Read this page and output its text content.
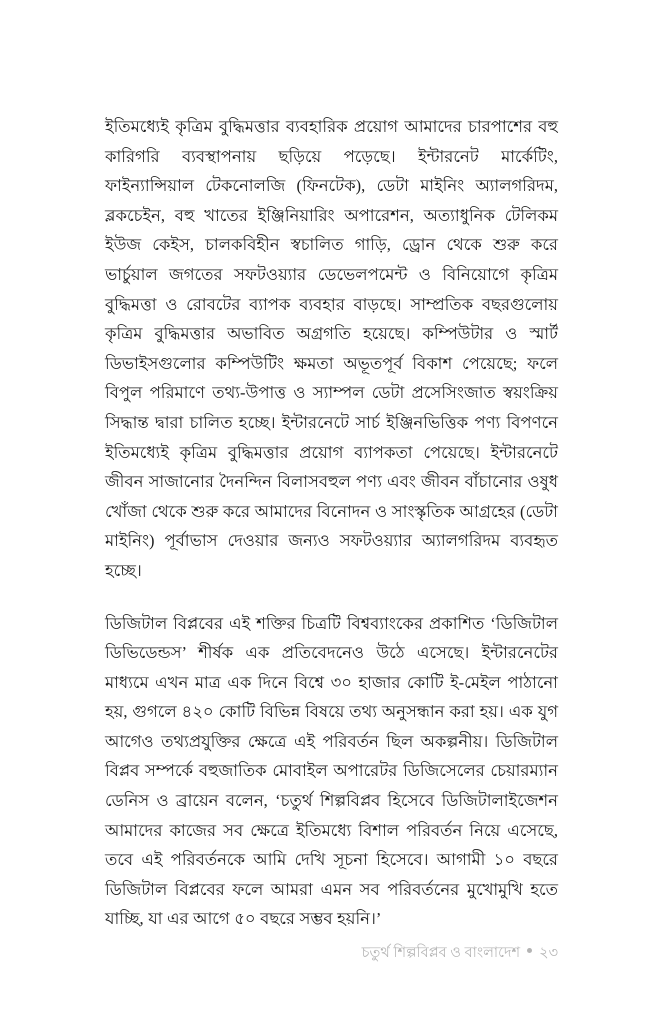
ইতিমধ্যেই কৃত্রিম বুদ্ধিমত্তার ব্যবহারিক প্রয়োগ আমাদের চারপাশের বহু কারিগরি ব্যবস্থাপনায় ছড়িয়ে পড়েছে। ইন্টারনেট মার্কেটিং, ফাইন্যান্সিয়াল টেকনোলজি (ফিনটেক), ডেটা মাইনিং অ্যালগরিদম, ব্লকচেইন, বহু খাতের ইঞ্জিনিয়ারিং অপারেশন, অত্যাধুনিক টেলিকম ইউজ কেইস, চালকবিহীন স্বচালিত গাড়ি, ড্রোন থেকে শুরু করে ভার্চুয়াল জগতের সফটওয়্যার ডেভেলপমেন্ট ও বিনিয়োগে কৃত্রিম বুদ্ধিমত্তা ও রোবটের ব্যাপক ব্যবহার বাড়ছে। সাম্প্রতিক বছরগুলোয় কৃত্রিম বুদ্ধিমত্তার অভাবিত অগ্রগতি হয়েছে। কম্পিউটার ও স্মার্ট ডিভাইসগুলোর কম্পিউটিং ক্ষমতা অভূতপূর্ব বিকাশ পেয়েছে; ফলে বিপুল পরিমাণে তথ্য-উপাত্ত ও স্যাম্পল ডেটা প্রসেসিংজাত স্বয়ংক্রিয় সিদ্ধান্ত দ্বারা চালিত হচ্ছে। ইন্টারনেটে সার্চ ইঞ্জিনভিত্তিক পণ্য বিপণনে ইতিমধ্যেই কৃত্রিম বুদ্ধিমত্তার প্রয়োগ ব্যাপকতা পেয়েছে। ইন্টারনেটে জীবন সাজানোর দৈনন্দিন বিলাসবহুল পণ্য এবং জীবন বাঁচানোর ওষুধ খোঁজা থেকে শুরু করে আমাদের বিনোদন ও সাংস্কৃতিক আগ্রহের (ডেটা মাইনিং) পূর্বাভাস দেওয়ার জন্যও সফটওয়্যার অ্যালগরিদম ব্যবহৃত হচ্ছে।

ডিজিটাল বিপ্লবের এই শক্তির চিত্রটি বিশ্বব্যাংকের প্রকাশিত ‘ডিজিটাল ডিভিডেন্ডস’ শীর্ষক এক প্রতিবেদনেও উঠে এসেছে। ইন্টারনেটের মাধ্যমে এখন মাত্র এক দিনে বিশ্বে ৩০ হাজার কোটি ই-মেইল পাঠানো হয়, গুগলে ৪২০ কোটি বিভিন্ন বিষয়ে তথ্য অনুসন্ধান করা হয়। এক যুগ আগেও তথ্যপ্রযুক্তির ক্ষেত্রে এই পরিবর্তন ছিল অকল্পনীয়। ডিজিটাল বিপ্লব সম্পর্কে বহুজাতিক মোবাইল অপারেটর ডিজিসেলের চেয়ারম্যান ডেনিস ও ব্রায়েন বলেন, ‘চতুর্থ শিল্পবিপ্লব হিসেবে ডিজিটালাইজেশন আমাদের কাজের সব ক্ষেত্রে ইতিমধ্যে বিশাল পরিবর্তন নিয়ে এসেছে, তবে এই পরিবর্তনকে আমি দেখি সূচনা হিসেবে। আগামী ১০ বছরে ডিজিটাল বিপ্লবের ফলে আমরা এমন সব পরিবর্তনের মুখোমুখি হতে যাচ্ছি, যা এর আগে ৫০ বছরে সম্ভব হয়নি।’

চতুর্থ শিল্পবিপ্লব ও বাংলাদেশ ২৩
